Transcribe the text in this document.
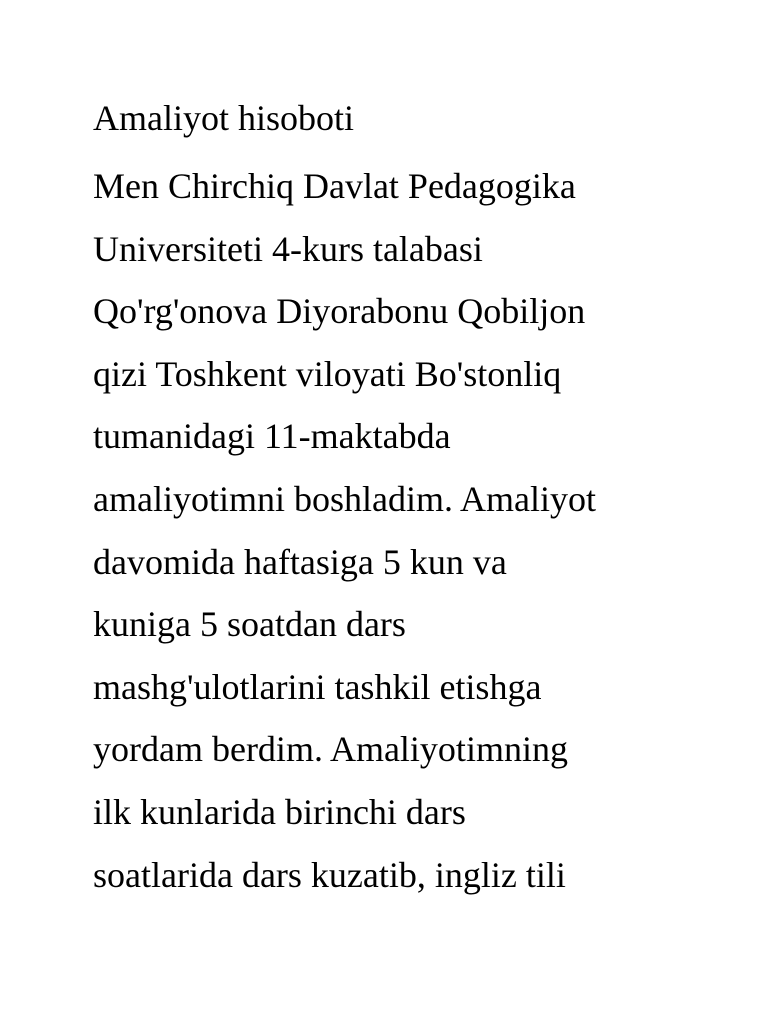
Amaliyot hisoboti
Men Chirchiq Davlat Pedagogika
Universiteti 4-kurs talabasi
Qo'rg'onova Diyorabonu Qobiljon
qizi Toshkent viloyati Bo'stonliq
tumanidagi 11-maktabda
amaliyotimni boshladim. Amaliyot
davomida haftasiga 5 kun va
kuniga 5 soatdan dars
mashg'ulotlarini tashkil etishga
yordam berdim. Amaliyotimning
ilk kunlarida birinchi dars
soatlarida dars kuzatib, ingliz tili
